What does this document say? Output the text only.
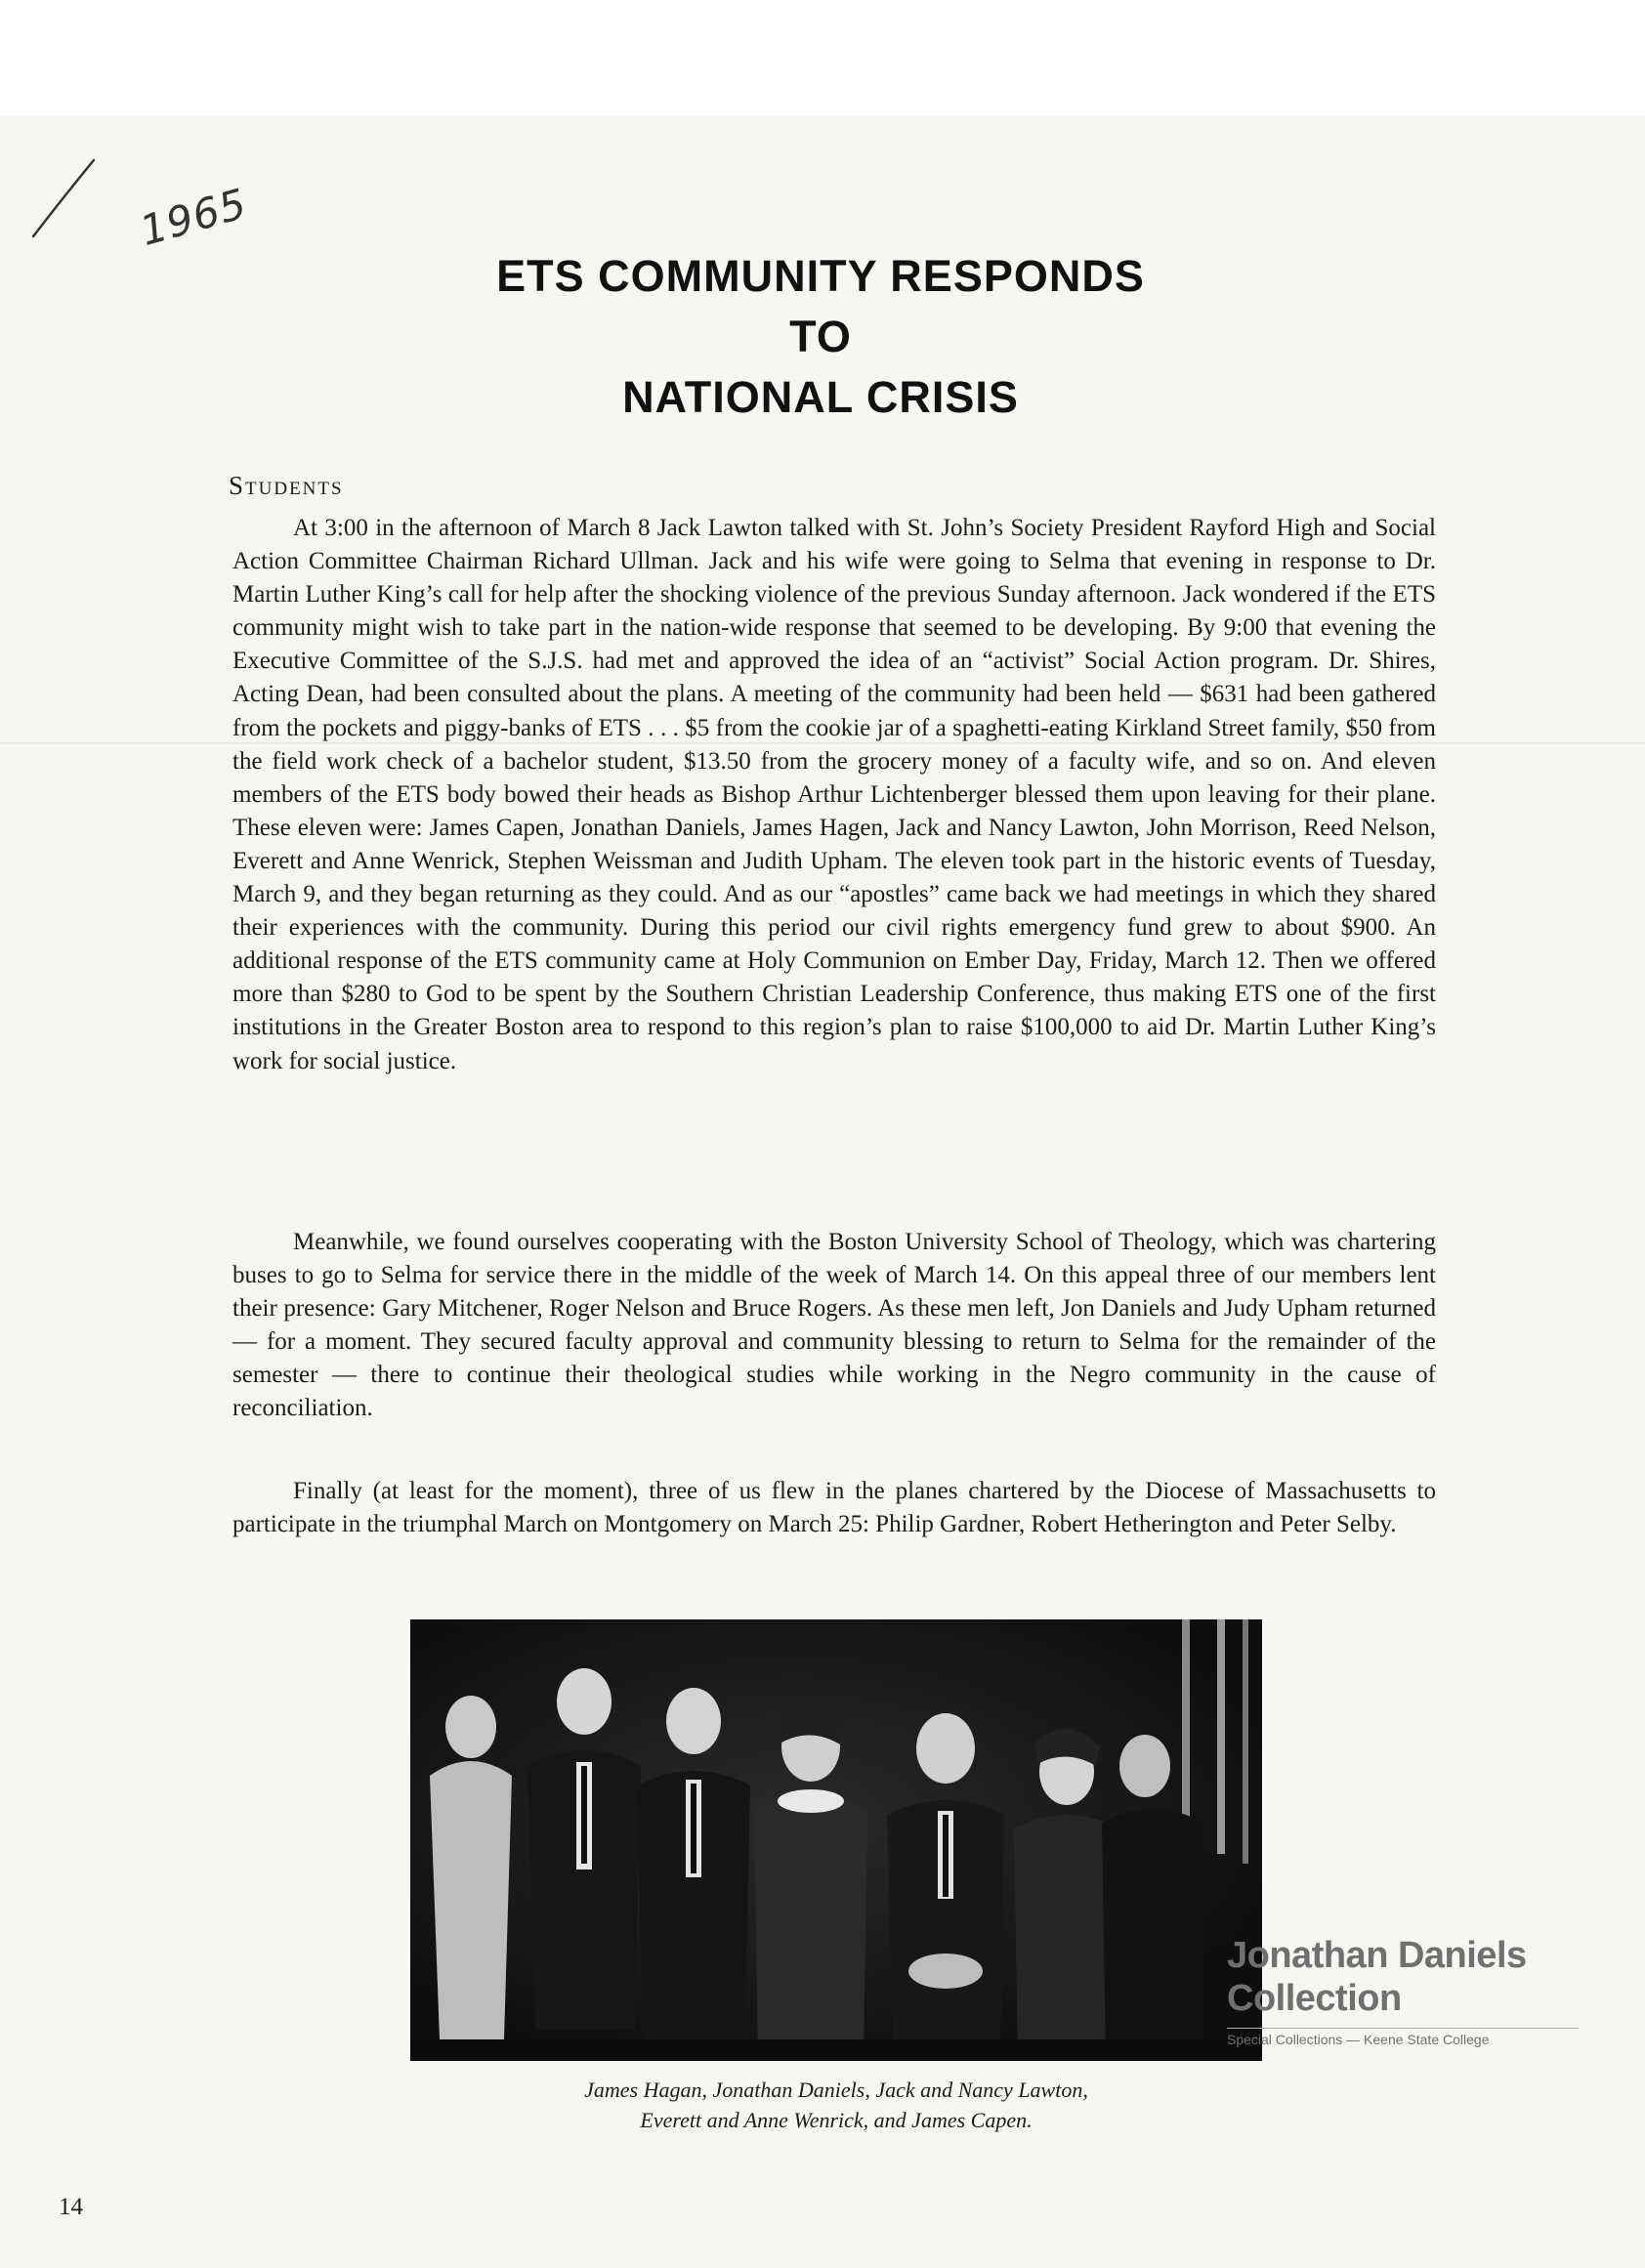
1965
ETS COMMUNITY RESPONDS
TO
NATIONAL CRISIS
Students

At 3:00 in the afternoon of March 8 Jack Lawton talked with St. John’s Society President Rayford High and Social Action Committee Chairman Richard Ullman. Jack and his wife were going to Selma that evening in response to Dr. Martin Luther King’s call for help after the shocking violence of the previous Sunday afternoon. Jack wondered if the ETS community might wish to take part in the nation-wide response that seemed to be developing. By 9:00 that evening the Executive Committee of the S.J.S. had met and approved the idea of an “activist” Social Action program. Dr. Shires, Acting Dean, had been consulted about the plans. A meeting of the community had been held — $631 had been gathered from the pockets and piggy-banks of ETS . . . $5 from the cookie jar of a spaghetti-eating Kirkland Street family, $50 from the field work check of a bachelor student, $13.50 from the grocery money of a faculty wife, and so on. And eleven members of the ETS body bowed their heads as Bishop Arthur Lichtenberger blessed them upon leaving for their plane. These eleven were: James Capen, Jonathan Daniels, James Hagen, Jack and Nancy Lawton, John Morrison, Reed Nelson, Everett and Anne Wenrick, Stephen Weissman and Judith Upham. The eleven took part in the historic events of Tuesday, March 9, and they began returning as they could. And as our “apostles” came back we had meetings in which they shared their experiences with the community. During this period our civil rights emergency fund grew to about $900. An additional response of the ETS community came at Holy Communion on Ember Day, Friday, March 12. Then we offered more than $280 to God to be spent by the Southern Christian Leadership Conference, thus making ETS one of the first institutions in the Greater Boston area to respond to this region’s plan to raise $100,000 to aid Dr. Martin Luther King’s work for social justice.

Meanwhile, we found ourselves cooperating with the Boston University School of Theology, which was chartering buses to go to Selma for service there in the middle of the week of March 14. On this appeal three of our members lent their presence: Gary Mitchener, Roger Nelson and Bruce Rogers. As these men left, Jon Daniels and Judy Upham returned — for a moment. They secured faculty approval and community blessing to return to Selma for the remainder of the semester — there to continue their theological studies while working in the Negro community in the cause of reconciliation.

Finally (at least for the moment), three of us flew in the planes chartered by the Diocese of Massachusetts to participate in the triumphal March on Montgomery on March 25: Philip Gardner, Robert Hetherington and Peter Selby.

James Hagan, Jonathan Daniels, Jack and Nancy Lawton,
Everett and Anne Wenrick, and James Capen.
Jonathan Daniels
Collection
Special Collections — Keene State College
14
